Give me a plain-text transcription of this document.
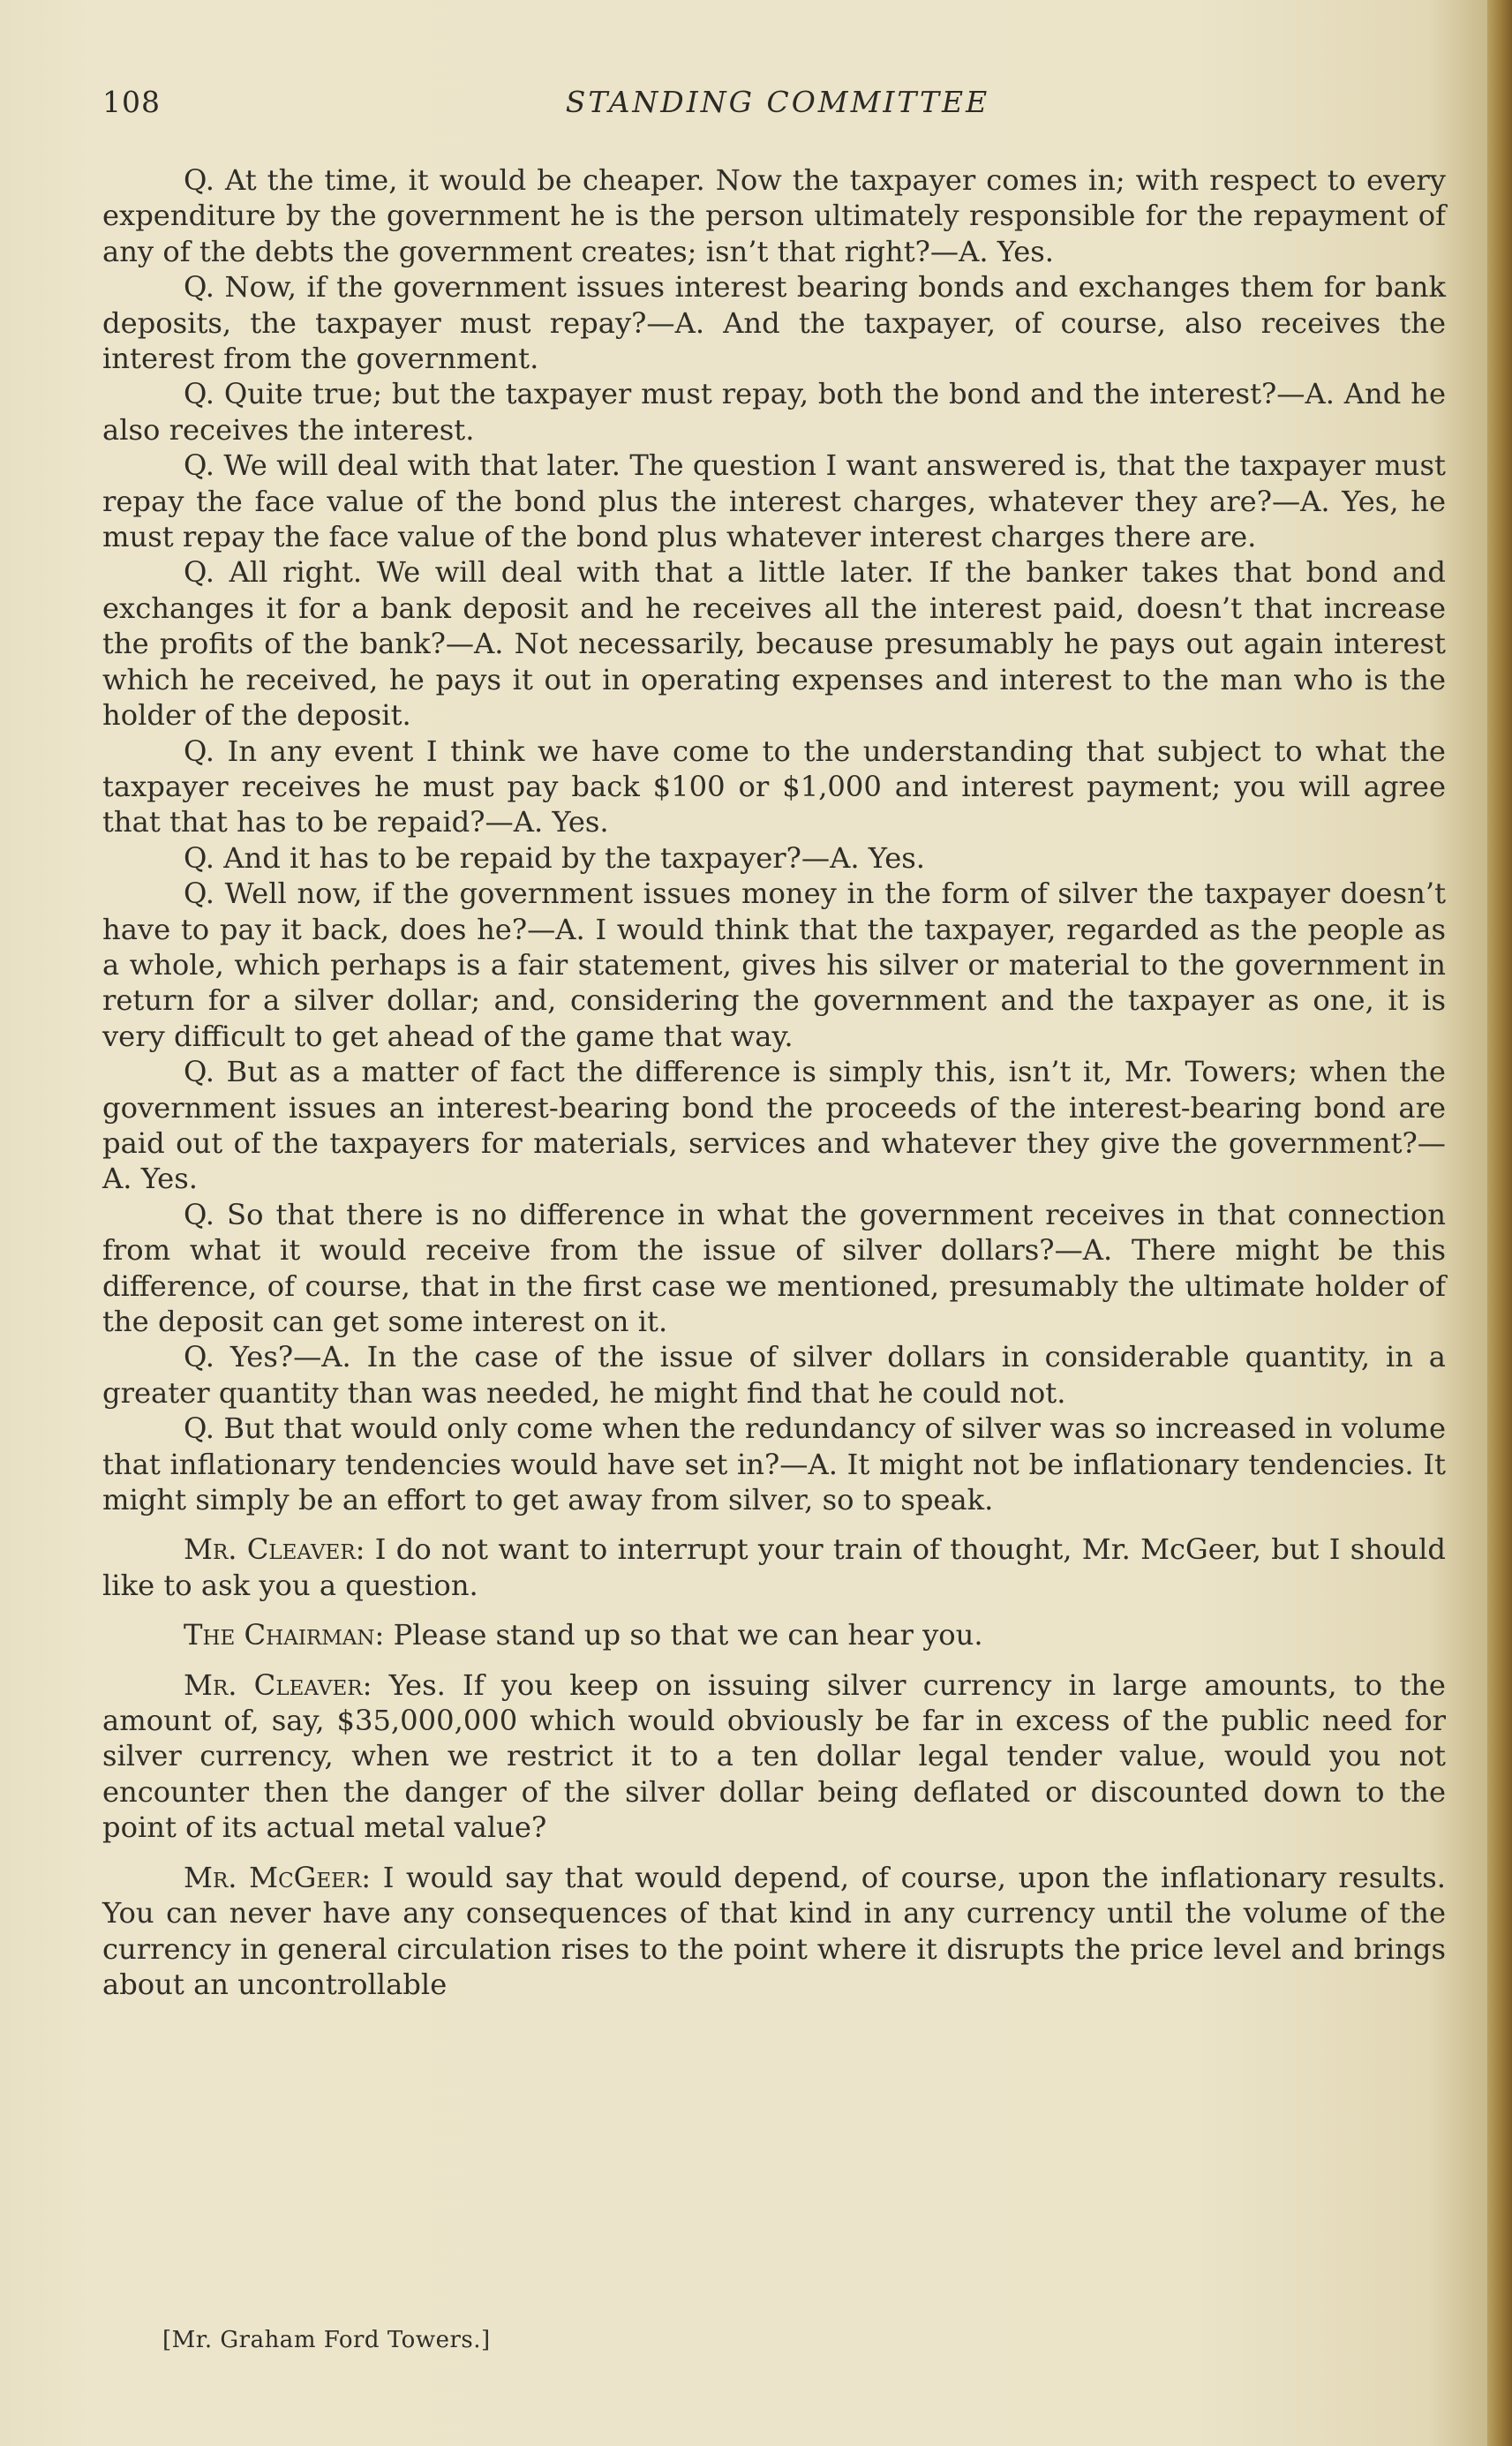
108	STANDING COMMITTEE

Q. At the time, it would be cheaper. Now the taxpayer comes in; with respect to every expenditure by the government he is the person ultimately responsible for the repayment of any of the debts the government creates; isn’t that right?—A. Yes.

Q. Now, if the government issues interest bearing bonds and exchanges them for bank deposits, the taxpayer must repay?—A. And the taxpayer, of course, also receives the interest from the government.

Q. Quite true; but the taxpayer must repay, both the bond and the interest?—A. And he also receives the interest.

Q. We will deal with that later. The question I want answered is, that the taxpayer must repay the face value of the bond plus the interest charges, whatever they are?—A. Yes, he must repay the face value of the bond plus whatever interest charges there are.

Q. All right. We will deal with that a little later. If the banker takes that bond and exchanges it for a bank deposit and he receives all the interest paid, doesn’t that increase the profits of the bank?—A. Not necessarily, because presumably he pays out again interest which he received, he pays it out in operating expenses and interest to the man who is the holder of the deposit.

Q. In any event I think we have come to the understanding that subject to what the taxpayer receives he must pay back $100 or $1,000 and interest payment; you will agree that that has to be repaid?—A. Yes.

Q. And it has to be repaid by the taxpayer?—A. Yes.

Q. Well now, if the government issues money in the form of silver the taxpayer doesn’t have to pay it back, does he?—A. I would think that the taxpayer, regarded as the people as a whole, which perhaps is a fair statement, gives his silver or material to the government in return for a silver dollar; and, considering the government and the taxpayer as one, it is very difficult to get ahead of the game that way.

Q. But as a matter of fact the difference is simply this, isn’t it, Mr. Towers; when the government issues an interest-bearing bond the proceeds of the interest-bearing bond are paid out of the taxpayers for materials, services and whatever they give the government?—A. Yes.

Q. So that there is no difference in what the government receives in that connection from what it would receive from the issue of silver dollars?—A. There might be this difference, of course, that in the first case we mentioned, presumably the ultimate holder of the deposit can get some interest on it.

Q. Yes?—A. In the case of the issue of silver dollars in considerable quantity, in a greater quantity than was needed, he might find that he could not.

Q. But that would only come when the redundancy of silver was so increased in volume that inflationary tendencies would have set in?—A. It might not be inflationary tendencies. It might simply be an effort to get away from silver, so to speak.

Mr. Cleaver: I do not want to interrupt your train of thought, Mr. McGeer, but I should like to ask you a question.

The Chairman: Please stand up so that we can hear you.

Mr. Cleaver: Yes. If you keep on issuing silver currency in large amounts, to the amount of, say, $35,000,000 which would obviously be far in excess of the public need for silver currency, when we restrict it to a ten dollar legal tender value, would you not encounter then the danger of the silver dollar being deflated or discounted down to the point of its actual metal value?

Mr. McGeer: I would say that would depend, of course, upon the inflationary results. You can never have any consequences of that kind in any currency until the volume of the currency in general circulation rises to the point where it disrupts the price level and brings about an uncontrollable

[Mr. Graham Ford Towers.]
